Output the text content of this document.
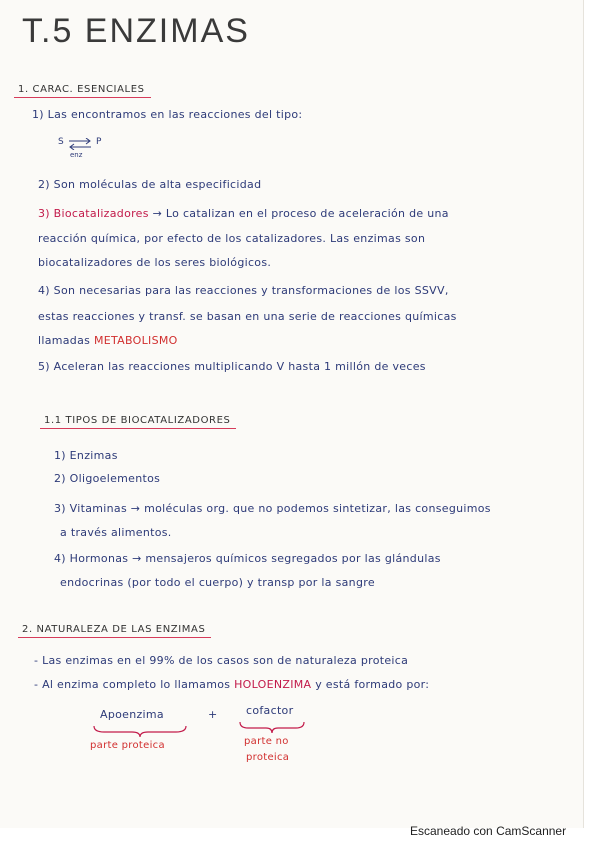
T.5 ENZIMAS
1. CARAC. ESENCIALES
1) Las encontramos en las reacciones del tipo:
S	P
enz
2) Son moléculas de alta especificidad
3) Biocatalizadores → Lo catalizan en el proceso de aceleración de una
reacción química, por efecto de los catalizadores. Las enzimas son
biocatalizadores de los seres biológicos.
4) Son necesarias para las reacciones y transformaciones de los SSVV,
estas reacciones y transf. se basan en una serie de reacciones químicas
llamadas METABOLISMO
5) Aceleran las reacciones multiplicando V hasta 1 millón de veces
1.1 TIPOS DE BIOCATALIZADORES
1) Enzimas
2) Oligoelementos
3) Vitaminas → moléculas org. que no podemos sintetizar, las conseguimos
a través alimentos.
4) Hormonas → mensajeros químicos segregados por las glándulas
endocrinas (por todo el cuerpo) y transp por la sangre
2. NATURALEZA DE LAS ENZIMAS
- Las enzimas en el 99% de los casos son de naturaleza proteica
- Al enzima completo lo llamamos HOLOENZIMA y está formado por:
Apoenzima	+	cofactor
parte proteica	parte no
proteica
Escaneado con CamScanner
